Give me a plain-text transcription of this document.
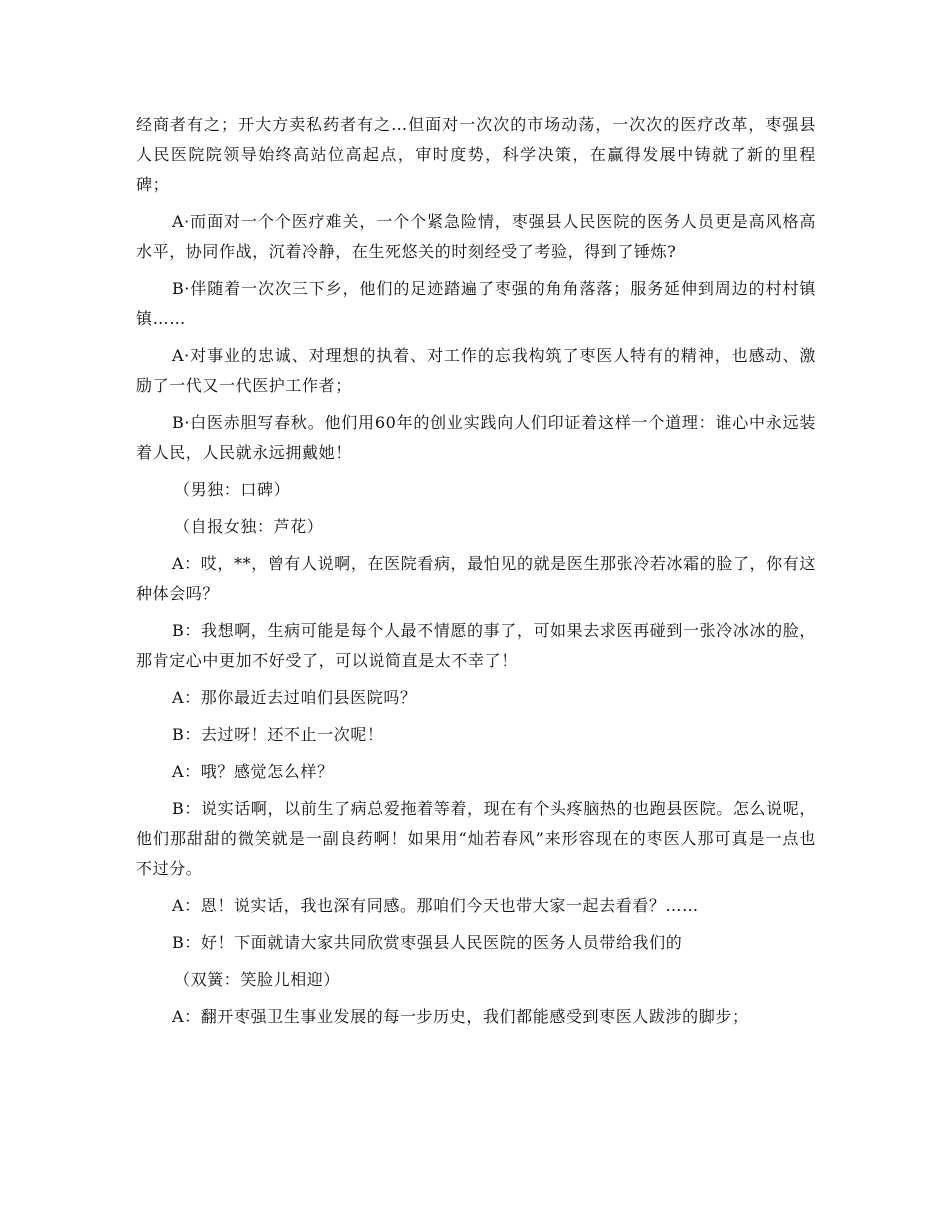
经商者有之；开大方卖私药者有之…但面对一次次的市场动荡，一次次的医疗改革，枣强县人民医院院领导始终高站位高起点，审时度势，科学决策，在赢得发展中铸就了新的里程碑；

A·而面对一个个医疗难关，一个个紧急险情，枣强县人民医院的医务人员更是高风格高水平，协同作战，沉着冷静，在生死悠关的时刻经受了考验，得到了锤炼?

B·伴随着一次次三下乡，他们的足迹踏遍了枣强的角角落落；服务延伸到周边的村村镇镇……

A·对事业的忠诚、对理想的执着、对工作的忘我构筑了枣医人特有的精神，也感动、激励了一代又一代医护工作者；

B·白医赤胆写春秋。他们用60年的创业实践向人们印证着这样一个道理：谁心中永远装着人民，人民就永远拥戴她！

（男独：口碑）

（自报女独：芦花）

A：哎，**，曾有人说啊，在医院看病，最怕见的就是医生那张冷若冰霜的脸了，你有这种体会吗？

B：我想啊，生病可能是每个人最不情愿的事了，可如果去求医再碰到一张冷冰冰的脸，那肯定心中更加不好受了，可以说简直是太不幸了！

A：那你最近去过咱们县医院吗？

B：去过呀！还不止一次呢！

A：哦？感觉怎么样？

B：说实话啊，以前生了病总爱拖着等着，现在有个头疼脑热的也跑县医院。怎么说呢，他们那甜甜的微笑就是一副良药啊！如果用“灿若春风”来形容现在的枣医人那可真是一点也不过分。

A：恩！说实话，我也深有同感。那咱们今天也带大家一起去看看？……

B：好！下面就请大家共同欣赏枣强县人民医院的医务人员带给我们的

（双簧：笑脸儿相迎）

A：翻开枣强卫生事业发展的每一步历史，我们都能感受到枣医人跋涉的脚步；
